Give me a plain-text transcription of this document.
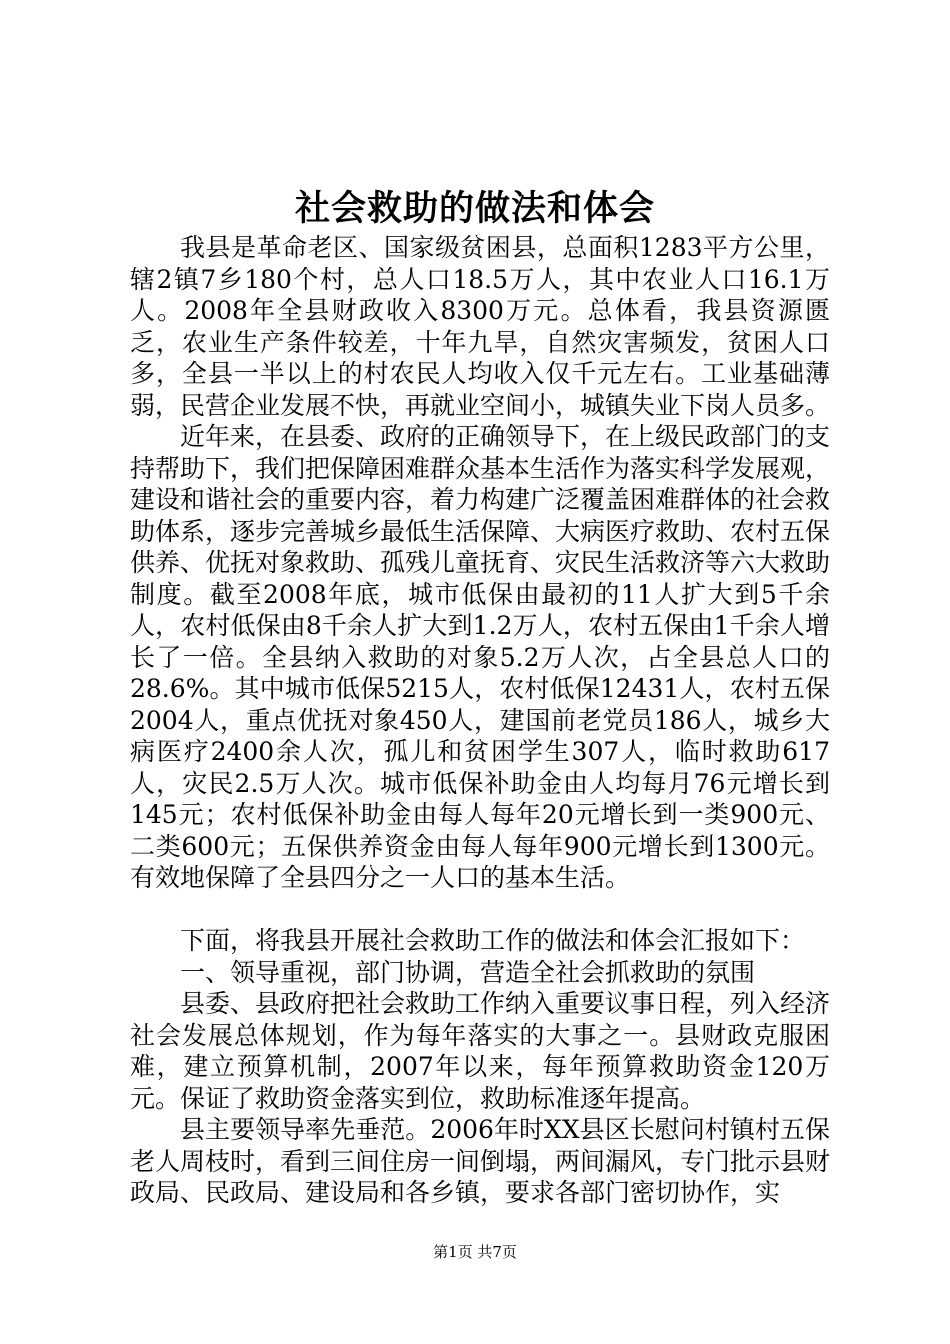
社会救助的做法和体会

我县是革命老区、国家级贫困县，总面积1283平方公里，辖2镇7乡180个村，总人口18.5万人，其中农业人口16.1万人。2008年全县财政收入8300万元。总体看，我县资源匮乏，农业生产条件较差，十年九旱，自然灾害频发，贫困人口多，全县一半以上的村农民人均收入仅千元左右。工业基础薄弱，民营企业发展不快，再就业空间小，城镇失业下岗人员多。

近年来，在县委、政府的正确领导下，在上级民政部门的支持帮助下，我们把保障困难群众基本生活作为落实科学发展观，建设和谐社会的重要内容，着力构建广泛覆盖困难群体的社会救助体系，逐步完善城乡最低生活保障、大病医疗救助、农村五保供养、优抚对象救助、孤残儿童抚育、灾民生活救济等六大救助制度。截至2008年底，城市低保由最初的11人扩大到5千余人，农村低保由8千余人扩大到1.2万人，农村五保由1千余人增长了一倍。全县纳入救助的对象5.2万人次，占全县总人口的28.6%。其中城市低保5215人，农村低保12431人，农村五保2004人，重点优抚对象450人，建国前老党员186人，城乡大病医疗2400余人次，孤儿和贫困学生307人，临时救助617人，灾民2.5万人次。城市低保补助金由人均每月76元增长到145元；农村低保补助金由每人每年20元增长到一类900元、二类600元；五保供养资金由每人每年900元增长到1300元。有效地保障了全县四分之一人口的基本生活。

下面，将我县开展社会救助工作的做法和体会汇报如下：

一、领导重视，部门协调，营造全社会抓救助的氛围

县委、县政府把社会救助工作纳入重要议事日程，列入经济社会发展总体规划，作为每年落实的大事之一。县财政克服困难，建立预算机制，2007年以来，每年预算救助资金120万元。保证了救助资金落实到位，救助标准逐年提高。

县主要领导率先垂范。2006年时XX县区长慰问村镇村五保老人周枝时，看到三间住房一间倒塌，两间漏风，专门批示县财政局、民政局、建设局和各乡镇，要求各部门密切协作，实

第1页 共7页
